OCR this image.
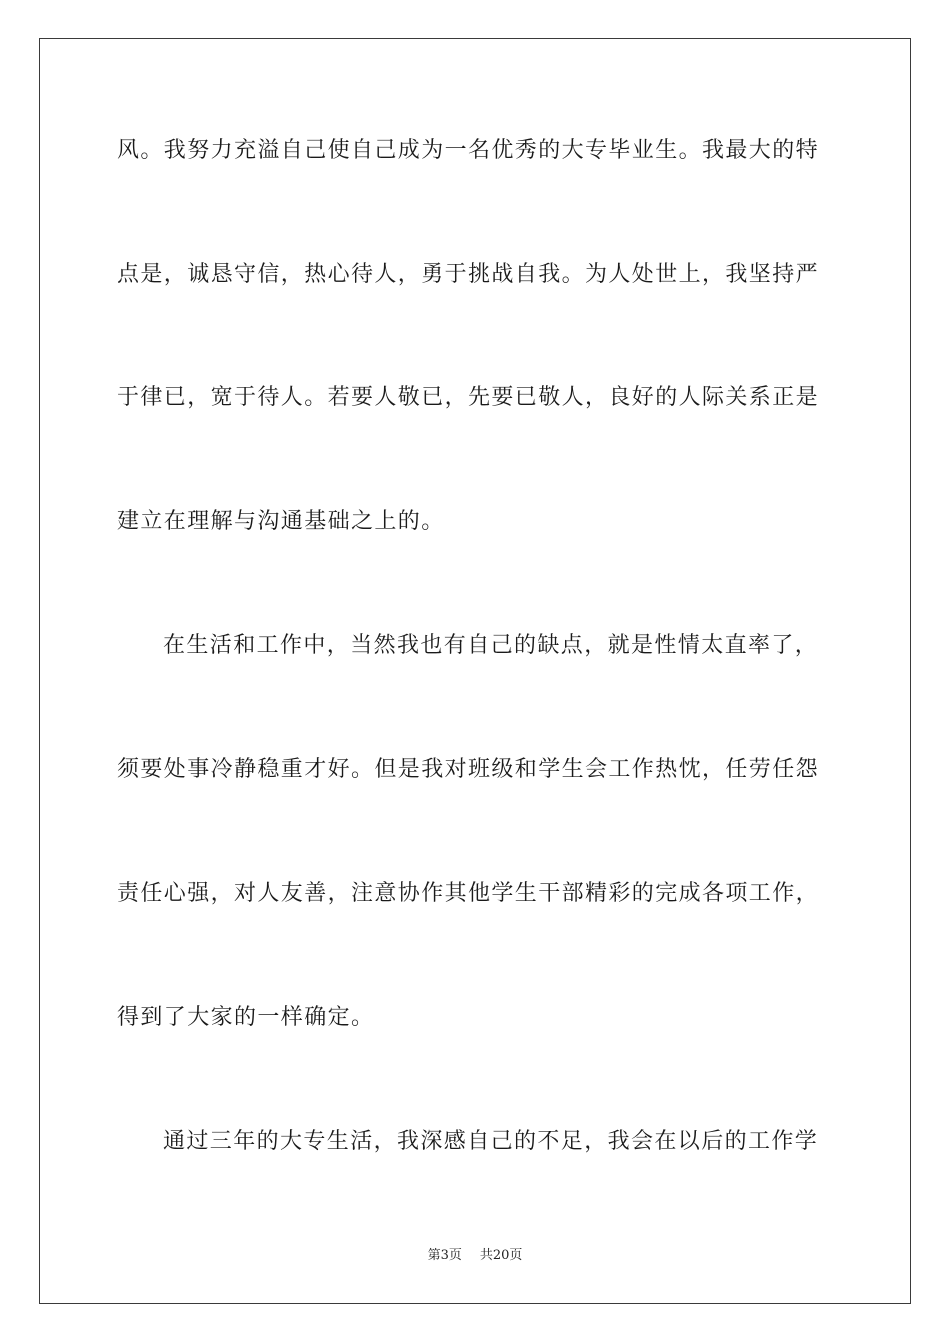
风。我努力充溢自己使自己成为一名优秀的大专毕业生。我最大的特
点是，诚恳守信，热心待人，勇于挑战自我。为人处世上，我坚持严
于律已，宽于待人。若要人敬已，先要已敬人，良好的人际关系正是
建立在理解与沟通基础之上的。
在生活和工作中，当然我也有自己的缺点，就是性情太直率了，
须要处事冷静稳重才好。但是我对班级和学生会工作热忱，任劳任怨
责任心强，对人友善，注意协作其他学生干部精彩的完成各项工作，
得到了大家的一样确定。
通过三年的大专生活，我深感自己的不足，我会在以后的工作学
第3页 共20页
